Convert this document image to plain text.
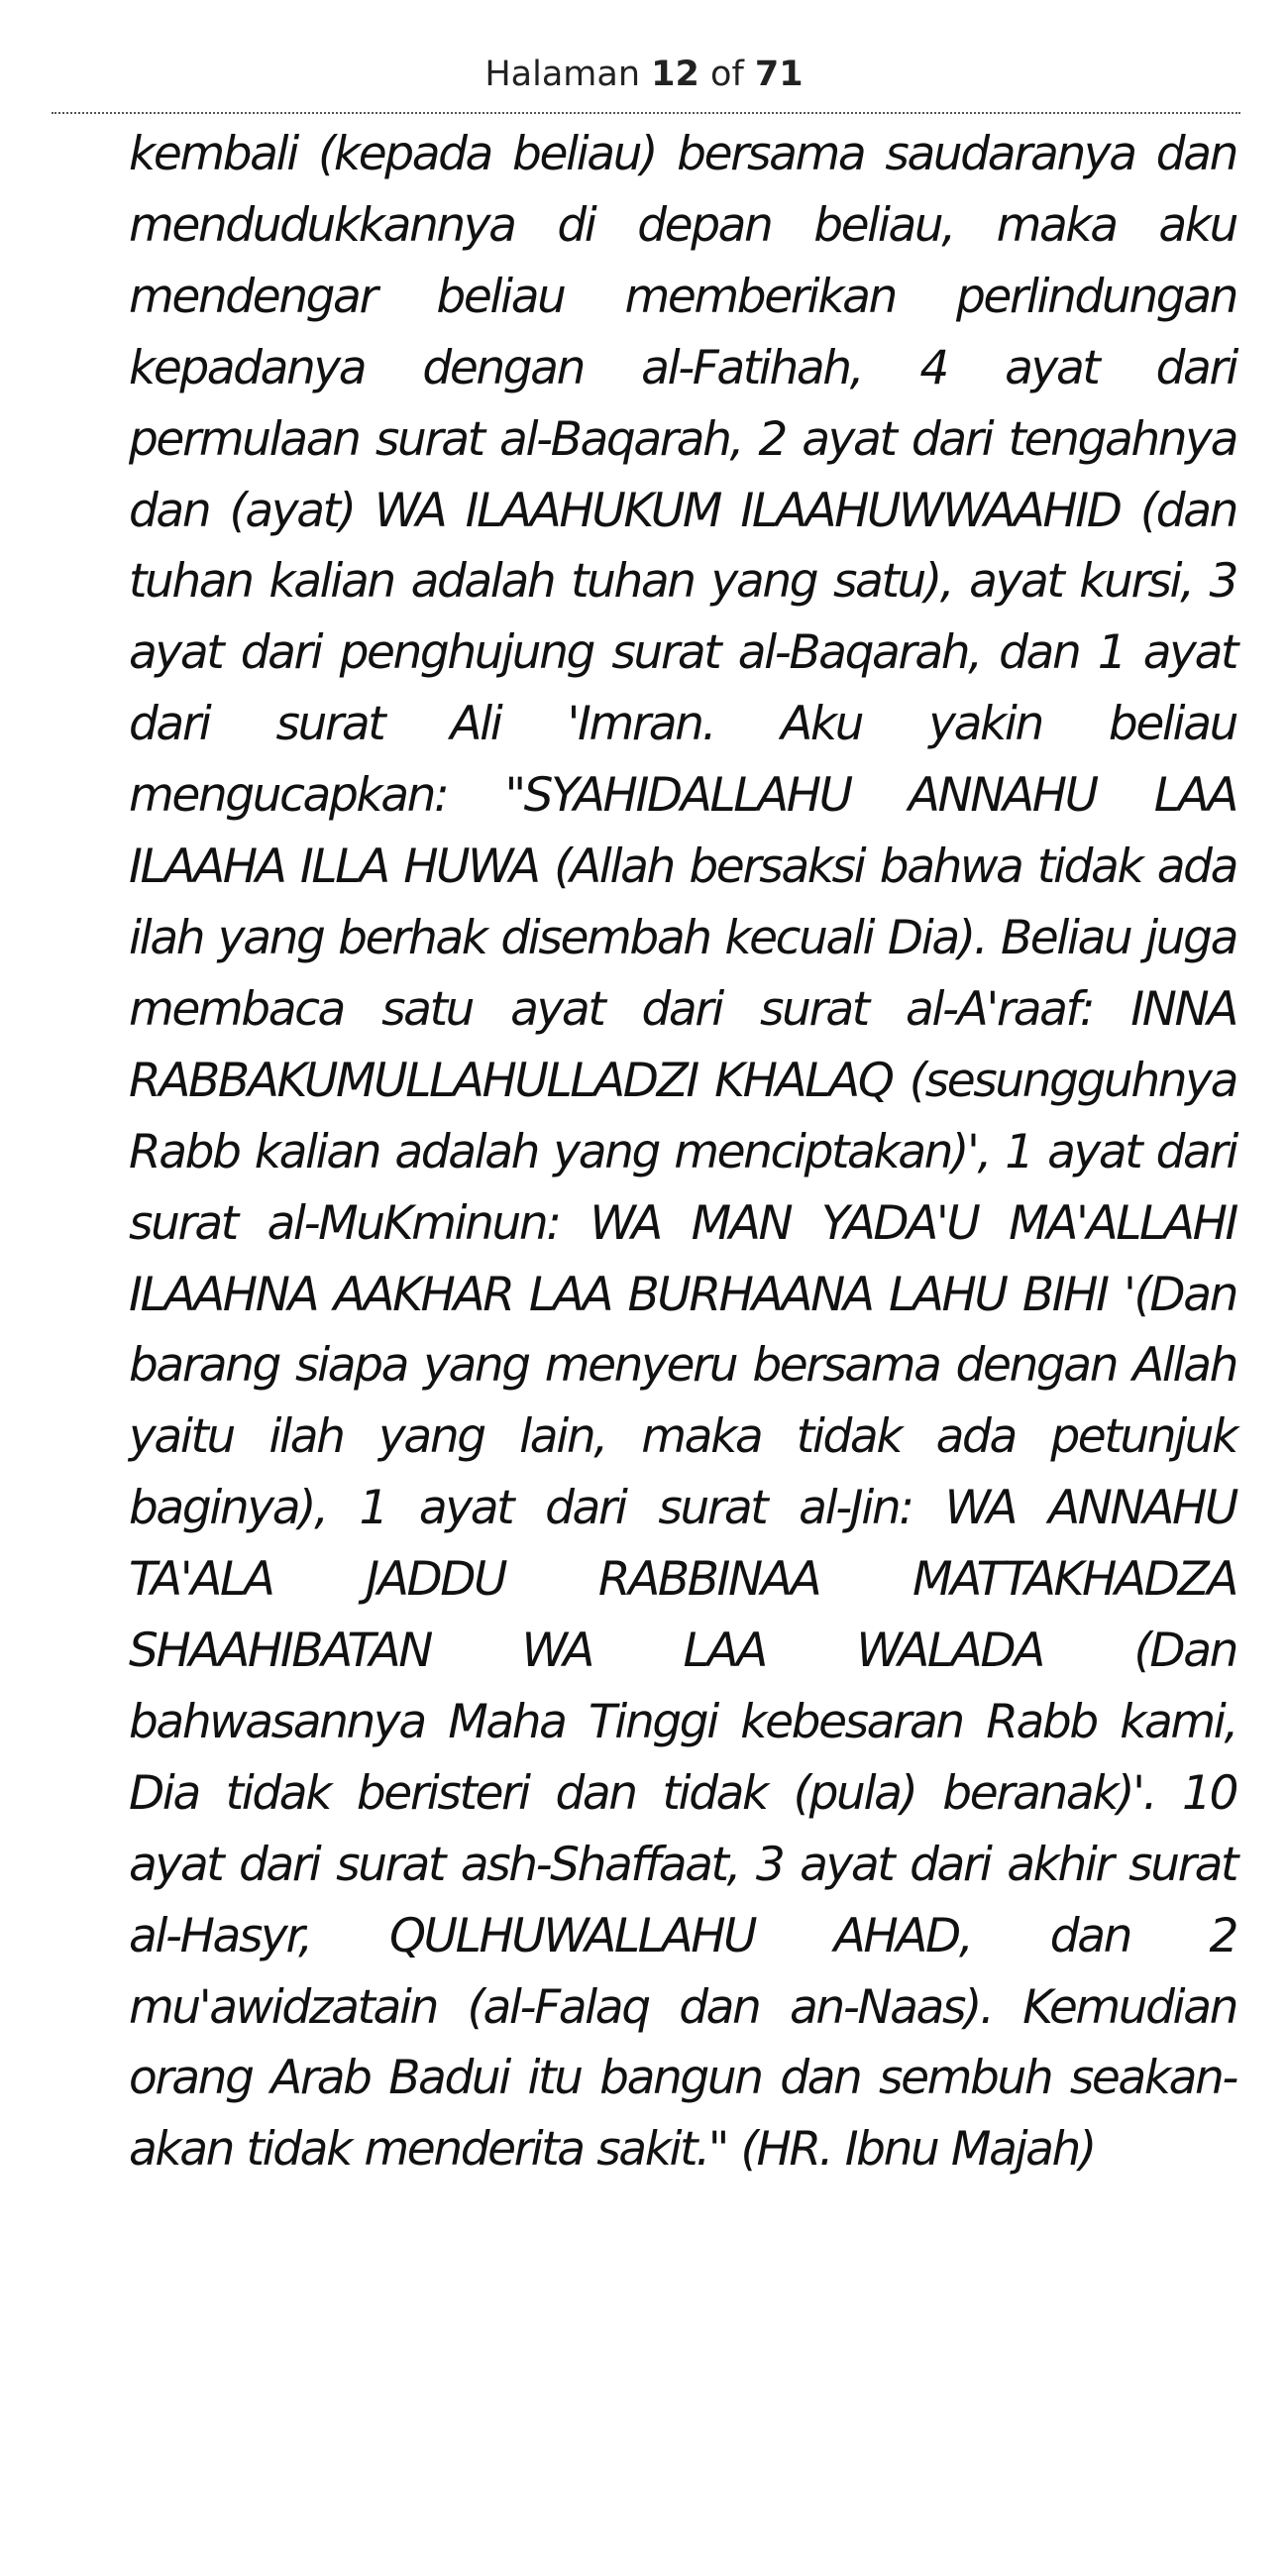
Halaman 12 of 71

kembali (kepada beliau) bersama saudaranya dan mendudukkannya di depan beliau, maka aku mendengar beliau memberikan perlindungan kepadanya dengan al-Fatihah, 4 ayat dari permulaan surat al-Baqarah, 2 ayat dari tengahnya dan (ayat) WA ILAAHUKUM ILAAHUWWAAHID (dan tuhan kalian adalah tuhan yang satu), ayat kursi, 3 ayat dari penghujung surat al-Baqarah, dan 1 ayat dari surat Ali 'Imran. Aku yakin beliau mengucapkan: "SYAHIDALLAHU ANNAHU LAA ILAAHA ILLA HUWA (Allah bersaksi bahwa tidak ada ilah yang berhak disembah kecuali Dia). Beliau juga membaca satu ayat dari surat al-A'raaf: INNA RABBAKUMULLAHULLADZI KHALAQ (sesungguhnya Rabb kalian adalah yang menciptakan)', 1 ayat dari surat al-MuKminun: WA MAN YADA'U MA'ALLAHI ILAAHNA AAKHAR LAA BURHAANA LAHU BIHI '(Dan barang siapa yang menyeru bersama dengan Allah yaitu ilah yang lain, maka tidak ada petunjuk baginya), 1 ayat dari surat al-Jin: WA ANNAHU TA'ALA JADDU RABBINAA MATTAKHADZA SHAAHIBATAN WA LAA WALADA (Dan bahwasannya Maha Tinggi kebesaran Rabb kami, Dia tidak beristeri dan tidak (pula) beranak)'. 10 ayat dari surat ash-Shaffaat, 3 ayat dari akhir surat al-Hasyr, QULHUWALLAHU AHAD, dan 2 mu'awidzatain (al-Falaq dan an-Naas). Kemudian orang Arab Badui itu bangun dan sembuh seakan-akan tidak menderita sakit." (HR. Ibnu Majah)
